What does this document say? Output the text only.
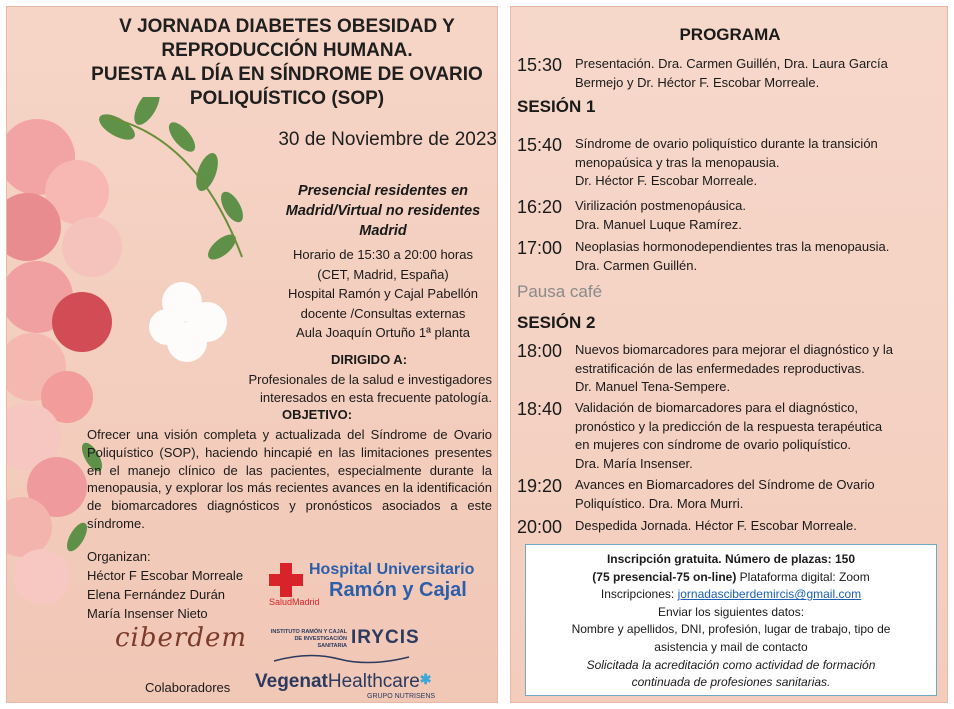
V JORNADA DIABETES OBESIDAD Y
REPRODUCCIÓN HUMANA.
PUESTA AL DÍA EN SÍNDROME DE OVARIO
POLIQUÍSTICO (SOP)
30 de Noviembre de 2023
Presencial residentes en
Madrid/Virtual no residentes
Madrid
Horario de 15:30 a 20:00 horas
(CET, Madrid, España)
Hospital Ramón y Cajal Pabellón
docente /Consultas externas
Aula Joaquín Ortuño 1ª planta
DIRIGIDO A:
Profesionales de la salud e investigadores
interesados en esta frecuente patología.
OBJETIVO:
Ofrecer una visión completa y actualizada del Síndrome de Ovario Poliquístico (SOP), haciendo hincapié en las limitaciones presentes en el manejo clínico de las pacientes, especialmente durante la menopausia, y explorar los más recientes avances en la identificación de biomarcadores diagnósticos y pronósticos asociados a este síndrome.
Organizan:
Héctor F Escobar Morreale
Elena Fernández Durán
María Insenser Nieto
Hospital Universitario
Ramón y Cajal
SaludMadrid
ciberdem	INSTITUTO RAMÓN Y CAJAL DE INVESTIGACIÓN SANITARIA IRYCIS
Colaboradores VegenatHealthcare✱
GRUPO NUTRISENS
PROGRAMA
15:30 Presentación. Dra. Carmen Guillén, Dra. Laura García
Bermejo y Dr. Héctor F. Escobar Morreale.
SESIÓN 1
15:40 Síndrome de ovario poliquístico durante la transición
menopaúsica y tras la menopausia.
Dr. Héctor F. Escobar Morreale.
16:20 Virilización postmenopáusica.
Dra. Manuel Luque Ramírez.
17:00 Neoplasias hormonodependientes tras la menopausia.
Dra. Carmen Guillén.
Pausa café
SESIÓN 2
18:00 Nuevos biomarcadores para mejorar el diagnóstico y la
estratificación de las enfermedades reproductivas.
Dr. Manuel Tena-Sempere.
18:40 Validación de biomarcadores para el diagnóstico,
pronóstico y la predicción de la respuesta terapéutica
en mujeres con síndrome de ovario poliquístico.
Dra. María Insenser.
19:20 Avances en Biomarcadores del Síndrome de Ovario
Poliquístico. Dra. Mora Murri.
20:00 Despedida Jornada. Héctor F. Escobar Morreale.
Inscripción gratuita. Número de plazas: 150
(75 presencial-75 on-line) Plataforma digital: Zoom
Inscripciones: jornadasciberdemircis@gmail.com
Enviar los siguientes datos:
Nombre y apellidos, DNI, profesión, lugar de trabajo, tipo de
asistencia y mail de contacto
Solicitada la acreditación como actividad de formación
continuada de profesiones sanitarias.
